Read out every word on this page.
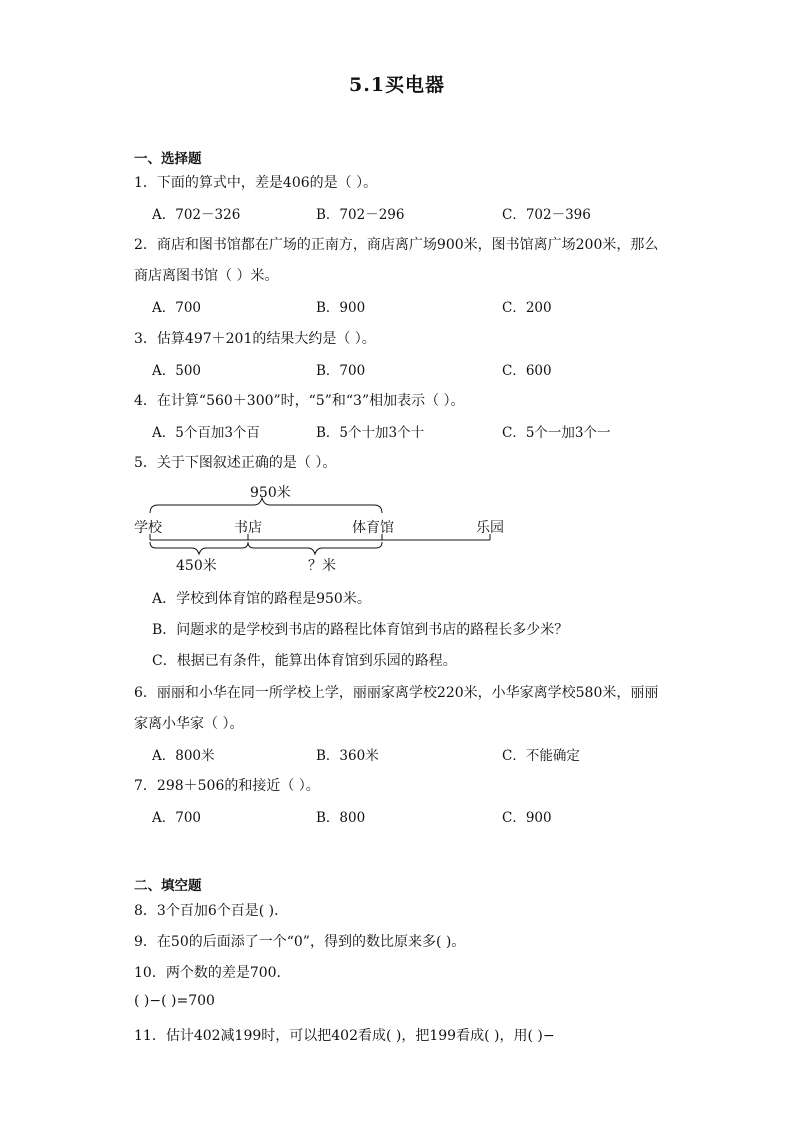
5.1买电器
一、选择题
1．下面的算式中，差是406的是（ ）。
A．702－326	B．702－296	C．702－396
2．商店和图书馆都在广场的正南方，商店离广场900米，图书馆离广场200米，那么
商店离图书馆（ ）米。
A．700	B．900	C．200
3．估算497＋201的结果大约是（ ）。
A．500	B．700	C．600
4．在计算“560＋300”时，“5”和“3”相加表示（ ）。
A．5个百加3个百	B．5个十加3个十	C．5个一加3个一
5．关于下图叙述正确的是（ ）。
950米
学校	书店	体育馆	乐园
450米	？米
A．学校到体育馆的路程是950米。
B．问题求的是学校到书店的路程比体育馆到书店的路程长多少米？
C．根据已有条件，能算出体育馆到乐园的路程。
6．丽丽和小华在同一所学校上学，丽丽家离学校220米，小华家离学校580米，丽丽
家离小华家（ ）。
A．800米	B．360米	C．不能确定
7．298＋506的和接近（ ）。
A．700	B．800	C．900
二、填空题
8．3个百加6个百是( )．
9．在50的后面添了一个“0”，得到的数比原来多( )。
10．两个数的差是700．
( )−( )=700
11．估计402减199时，可以把402看成( )，把199看成( )，用( )−
